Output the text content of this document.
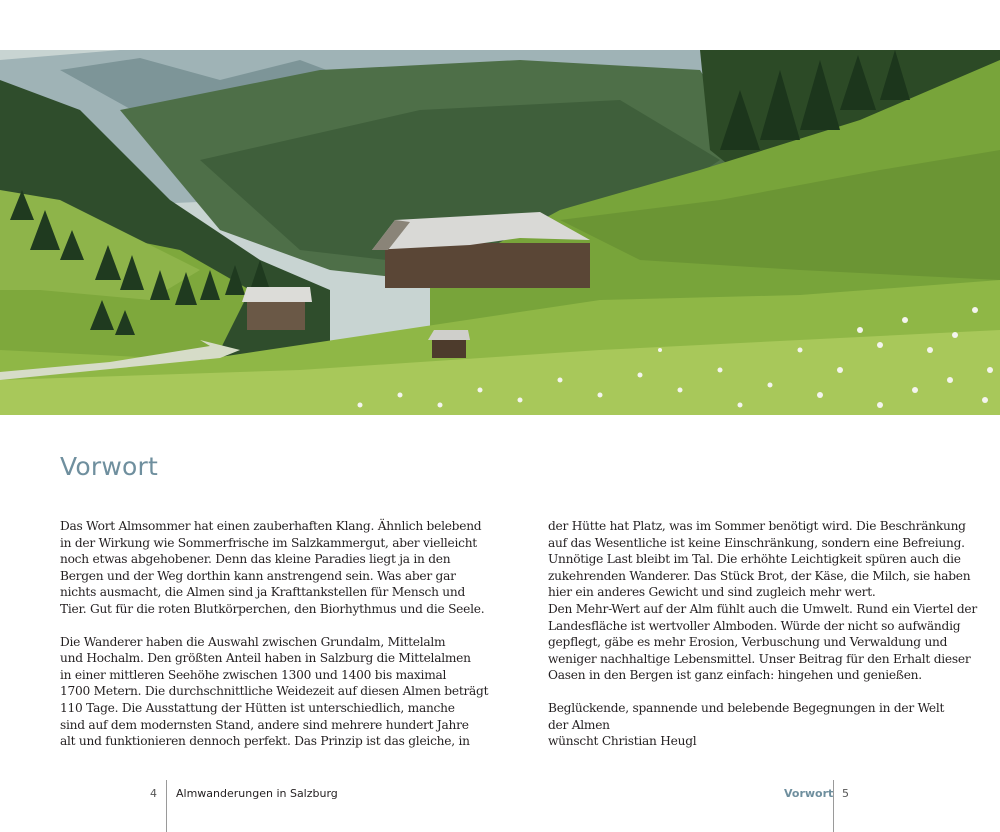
Vorwort

Das Wort Almsommer hat einen zauberhaften Klang. Ähnlich belebend
in der Wirkung wie Sommerfrische im Salzkammergut, aber vielleicht
noch etwas abgehobener. Denn das kleine Paradies liegt ja in den
Bergen und der Weg dorthin kann anstrengend sein. Was aber gar
nichts ausmacht, die Almen sind ja Krafttankstellen für Mensch und
Tier. Gut für die roten Blutkörperchen, den Biorhythmus und die Seele.

Die Wanderer haben die Auswahl zwischen Grundalm, Mittelalm
und Hochalm. Den größten Anteil haben in Salzburg die Mittelalmen
in einer mittleren Seehöhe zwischen 1300 und 1400 bis maximal
1700 Metern. Die durchschnittliche Weidezeit auf diesen Almen beträgt
110 Tage. Die Ausstattung der Hütten ist unterschiedlich, manche
sind auf dem modernsten Stand, andere sind mehrere hundert Jahre
alt und funktionieren dennoch perfekt. Das Prinzip ist das gleiche, in

der Hütte hat Platz, was im Sommer benötigt wird. Die Beschränkung
auf das Wesentliche ist keine Einschränkung, sondern eine Befreiung.
Unnötige Last bleibt im Tal. Die erhöhte Leichtigkeit spüren auch die
zukehrenden Wanderer. Das Stück Brot, der Käse, die Milch, sie haben
hier ein anderes Gewicht und sind zugleich mehr wert.

Den Mehr-Wert auf der Alm fühlt auch die Umwelt. Rund ein Viertel der
Landesfläche ist wertvoller Almboden. Würde der nicht so aufwändig
gepflegt, gäbe es mehr Erosion, Verbuschung und Verwaldung und
weniger nachhaltige Lebensmittel. Unser Beitrag für den Erhalt dieser
Oasen in den Bergen ist ganz einfach: hingehen und genießen.

Beglückende, spannende und belebende Begegnungen in der Welt
der Almen
wünscht Christian Heugl

4 Almwanderungen in Salzburg	Vorwort 5
